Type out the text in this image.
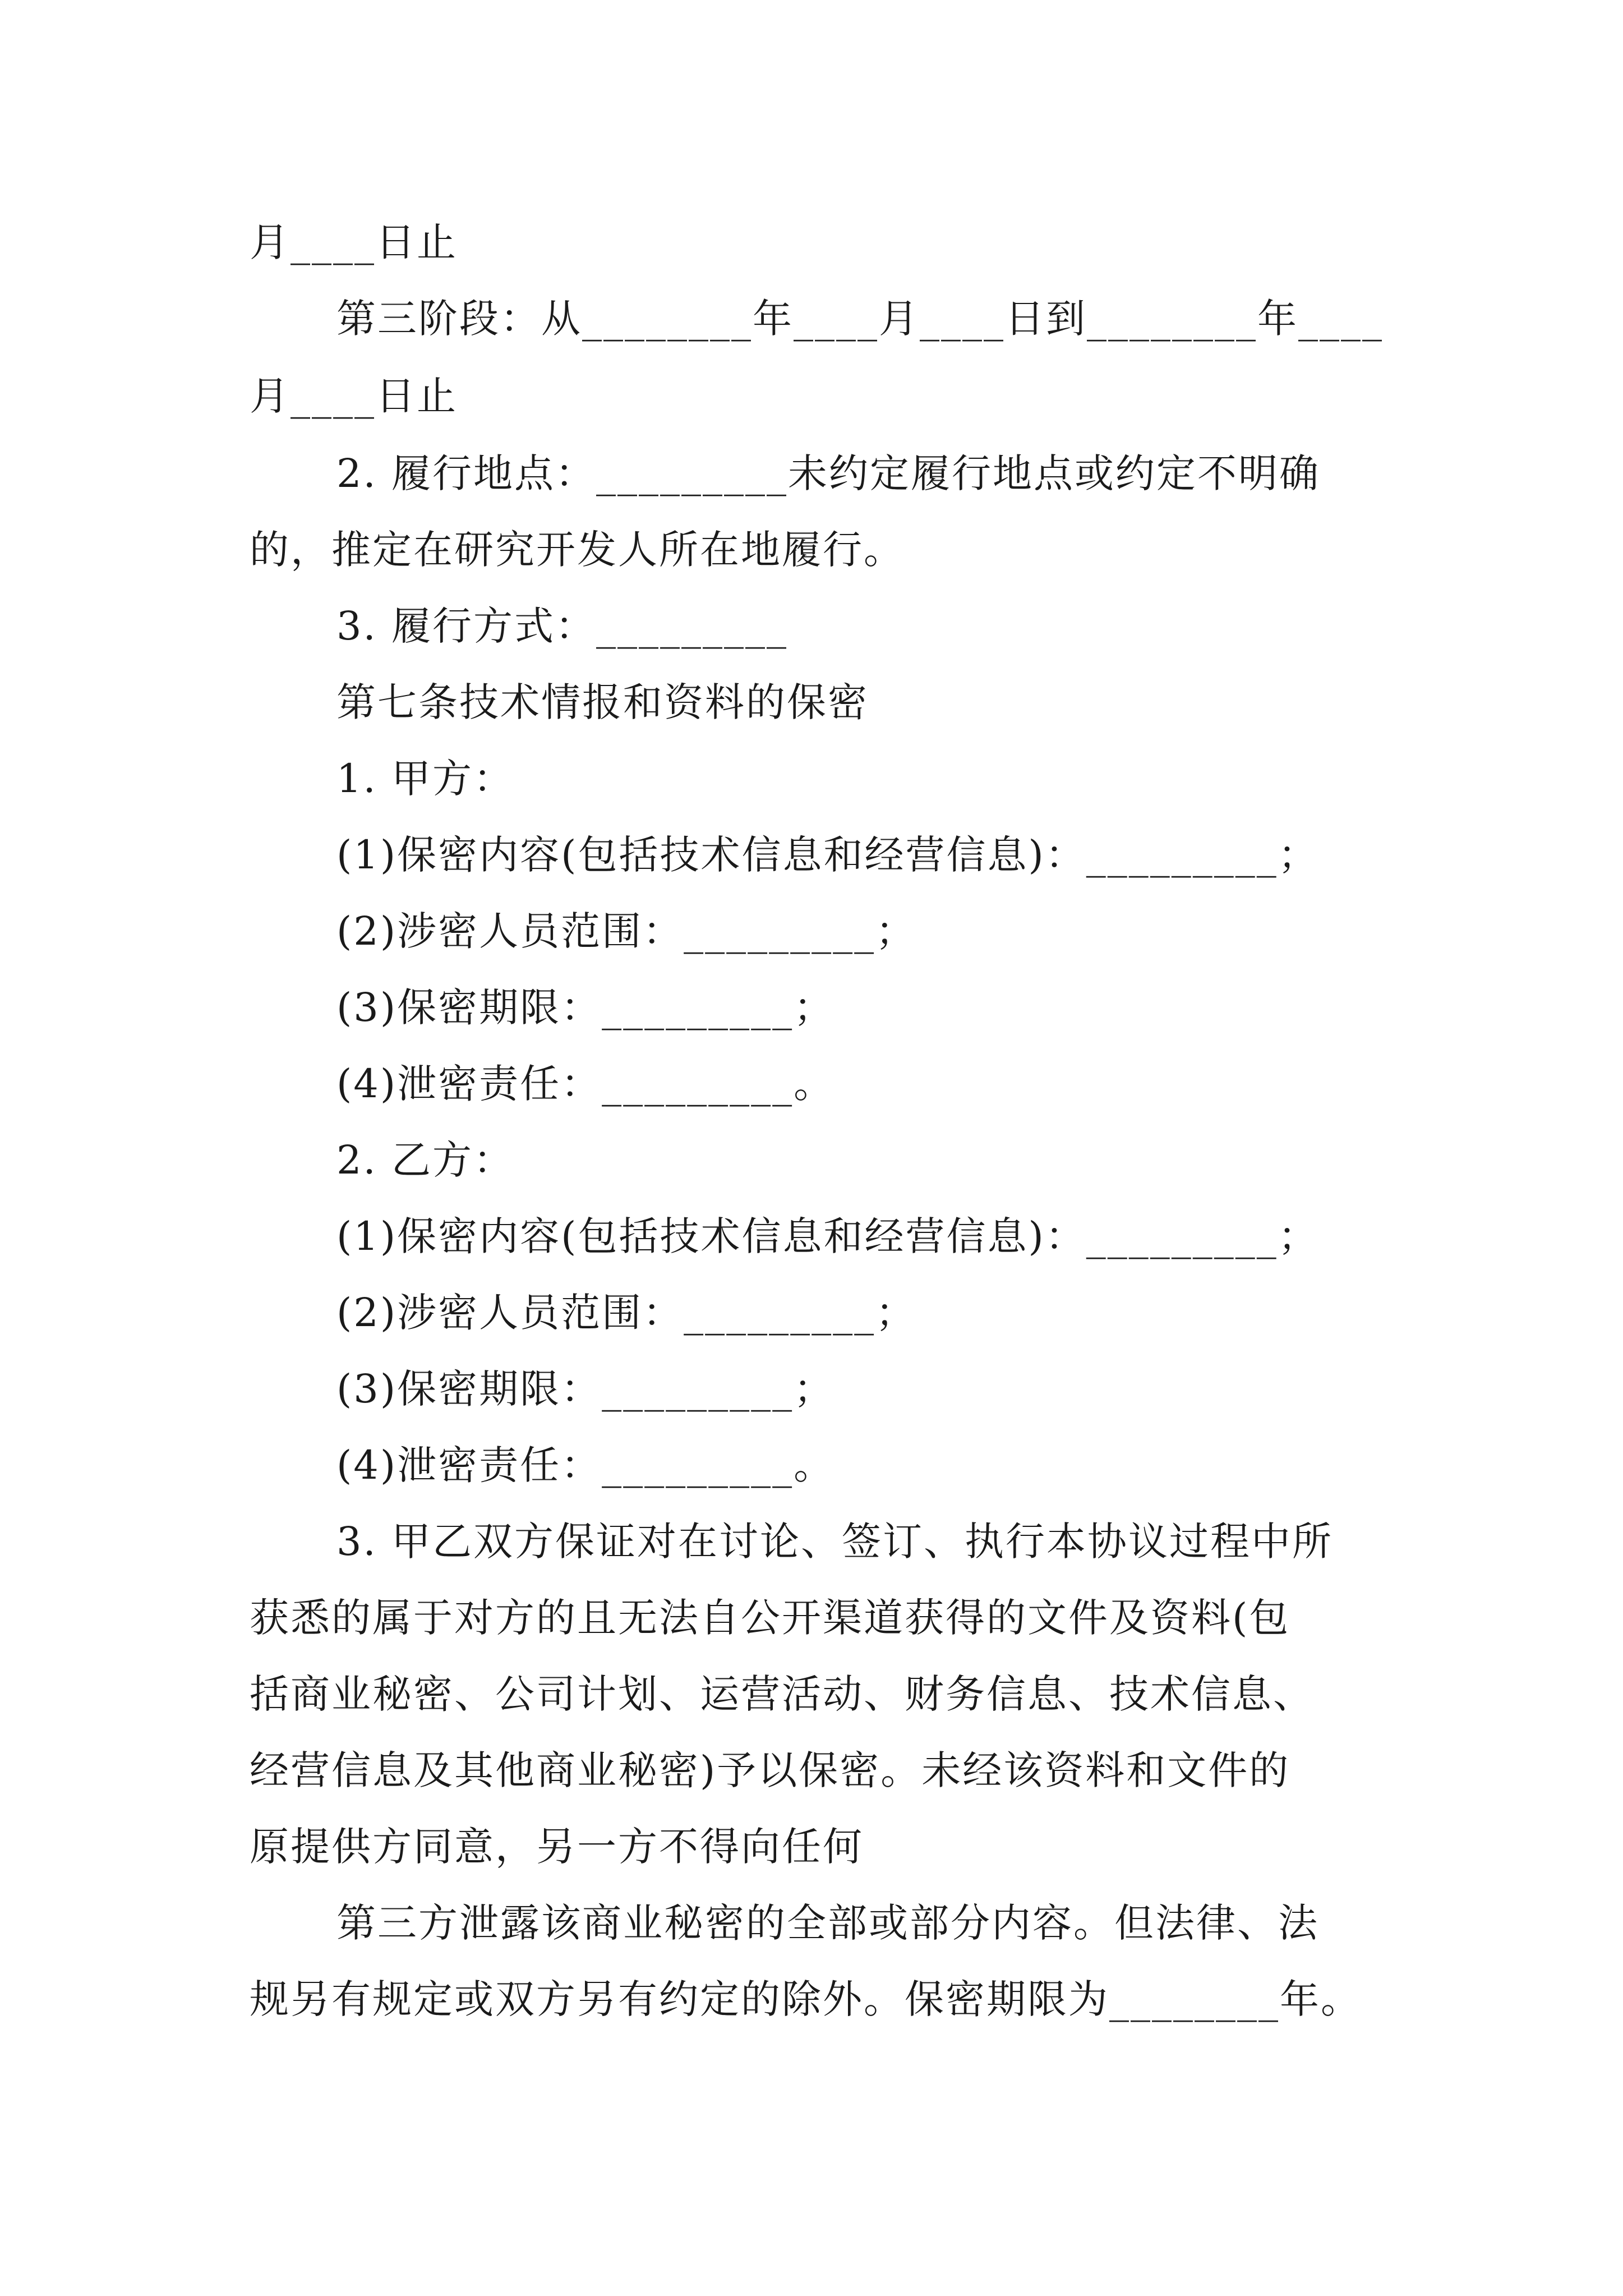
月____日止

第三阶段：从________年____月____日到________年____

月____日止

2. 履行地点：_________未约定履行地点或约定不明确

的，推定在研究开发人所在地履行。

3. 履行方式：_________

第七条技术情报和资料的保密

1. 甲方：

(1)保密内容(包括技术信息和经营信息)：_________；

(2)涉密人员范围：_________；

(3)保密期限：_________；

(4)泄密责任：_________。

2. 乙方：

(1)保密内容(包括技术信息和经营信息)：_________；

(2)涉密人员范围：_________；

(3)保密期限：_________；

(4)泄密责任：_________。

3. 甲乙双方保证对在讨论、签订、执行本协议过程中所

获悉的属于对方的且无法自公开渠道获得的文件及资料(包

括商业秘密、公司计划、运营活动、财务信息、技术信息、

经营信息及其他商业秘密)予以保密。未经该资料和文件的

原提供方同意，另一方不得向任何

第三方泄露该商业秘密的全部或部分内容。但法律、法

规另有规定或双方另有约定的除外。保密期限为________年。
